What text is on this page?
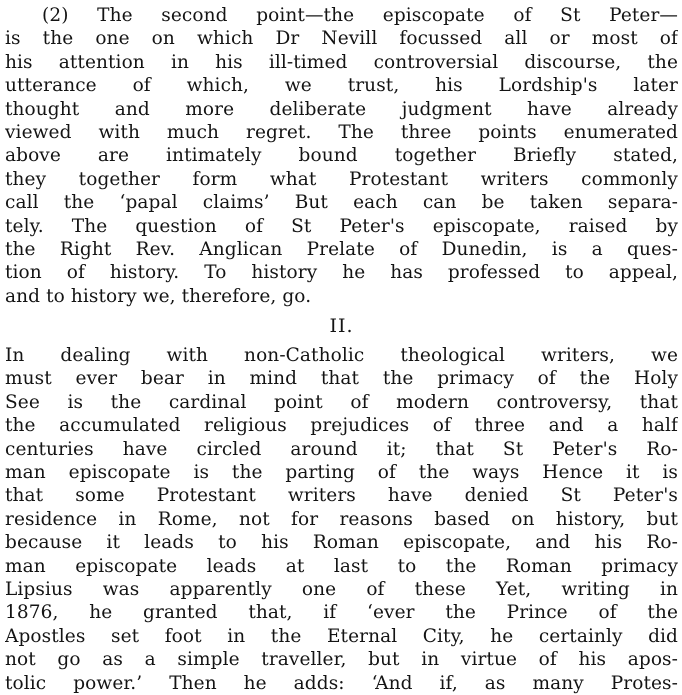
(2) The second point—the episcopate of St Peter—
is the one on which Dr Nevill focussed all or most of
his attention in his ill-timed controversial discourse, the
utterance of which, we trust, his Lordship's later
thought and more deliberate judgment have already
viewed with much regret. The three points enumerated
above are intimately bound together Briefly stated,
they together form what Protestant writers commonly
call the ‘papal claims’ But each can be taken separa-
tely. The question of St Peter's episcopate, raised by
the Right Rev. Anglican Prelate of Dunedin, is a ques-
tion of history. To history he has professed to appeal,
and to history we, therefore, go.
II.
In dealing with non-Catholic theological writers, we
must ever bear in mind that the primacy of the Holy
See is the cardinal point of modern controversy, that
the accumulated religious prejudices of three and a half
centuries have circled around it; that St Peter's Ro-
man episcopate is the parting of the ways Hence it is
that some Protestant writers have denied St Peter's
residence in Rome, not for reasons based on history, but
because it leads to his Roman episcopate, and his Ro-
man episcopate leads at last to the Roman primacy
Lipsius was apparently one of these Yet, writing in
1876, he granted that, if ‘ever the Prince of the
Apostles set foot in the Eternal City, he certainly did
not go as a simple traveller, but in virtue of his apos-
tolic power.’ Then he adds: ‘And if, as many Protes-
